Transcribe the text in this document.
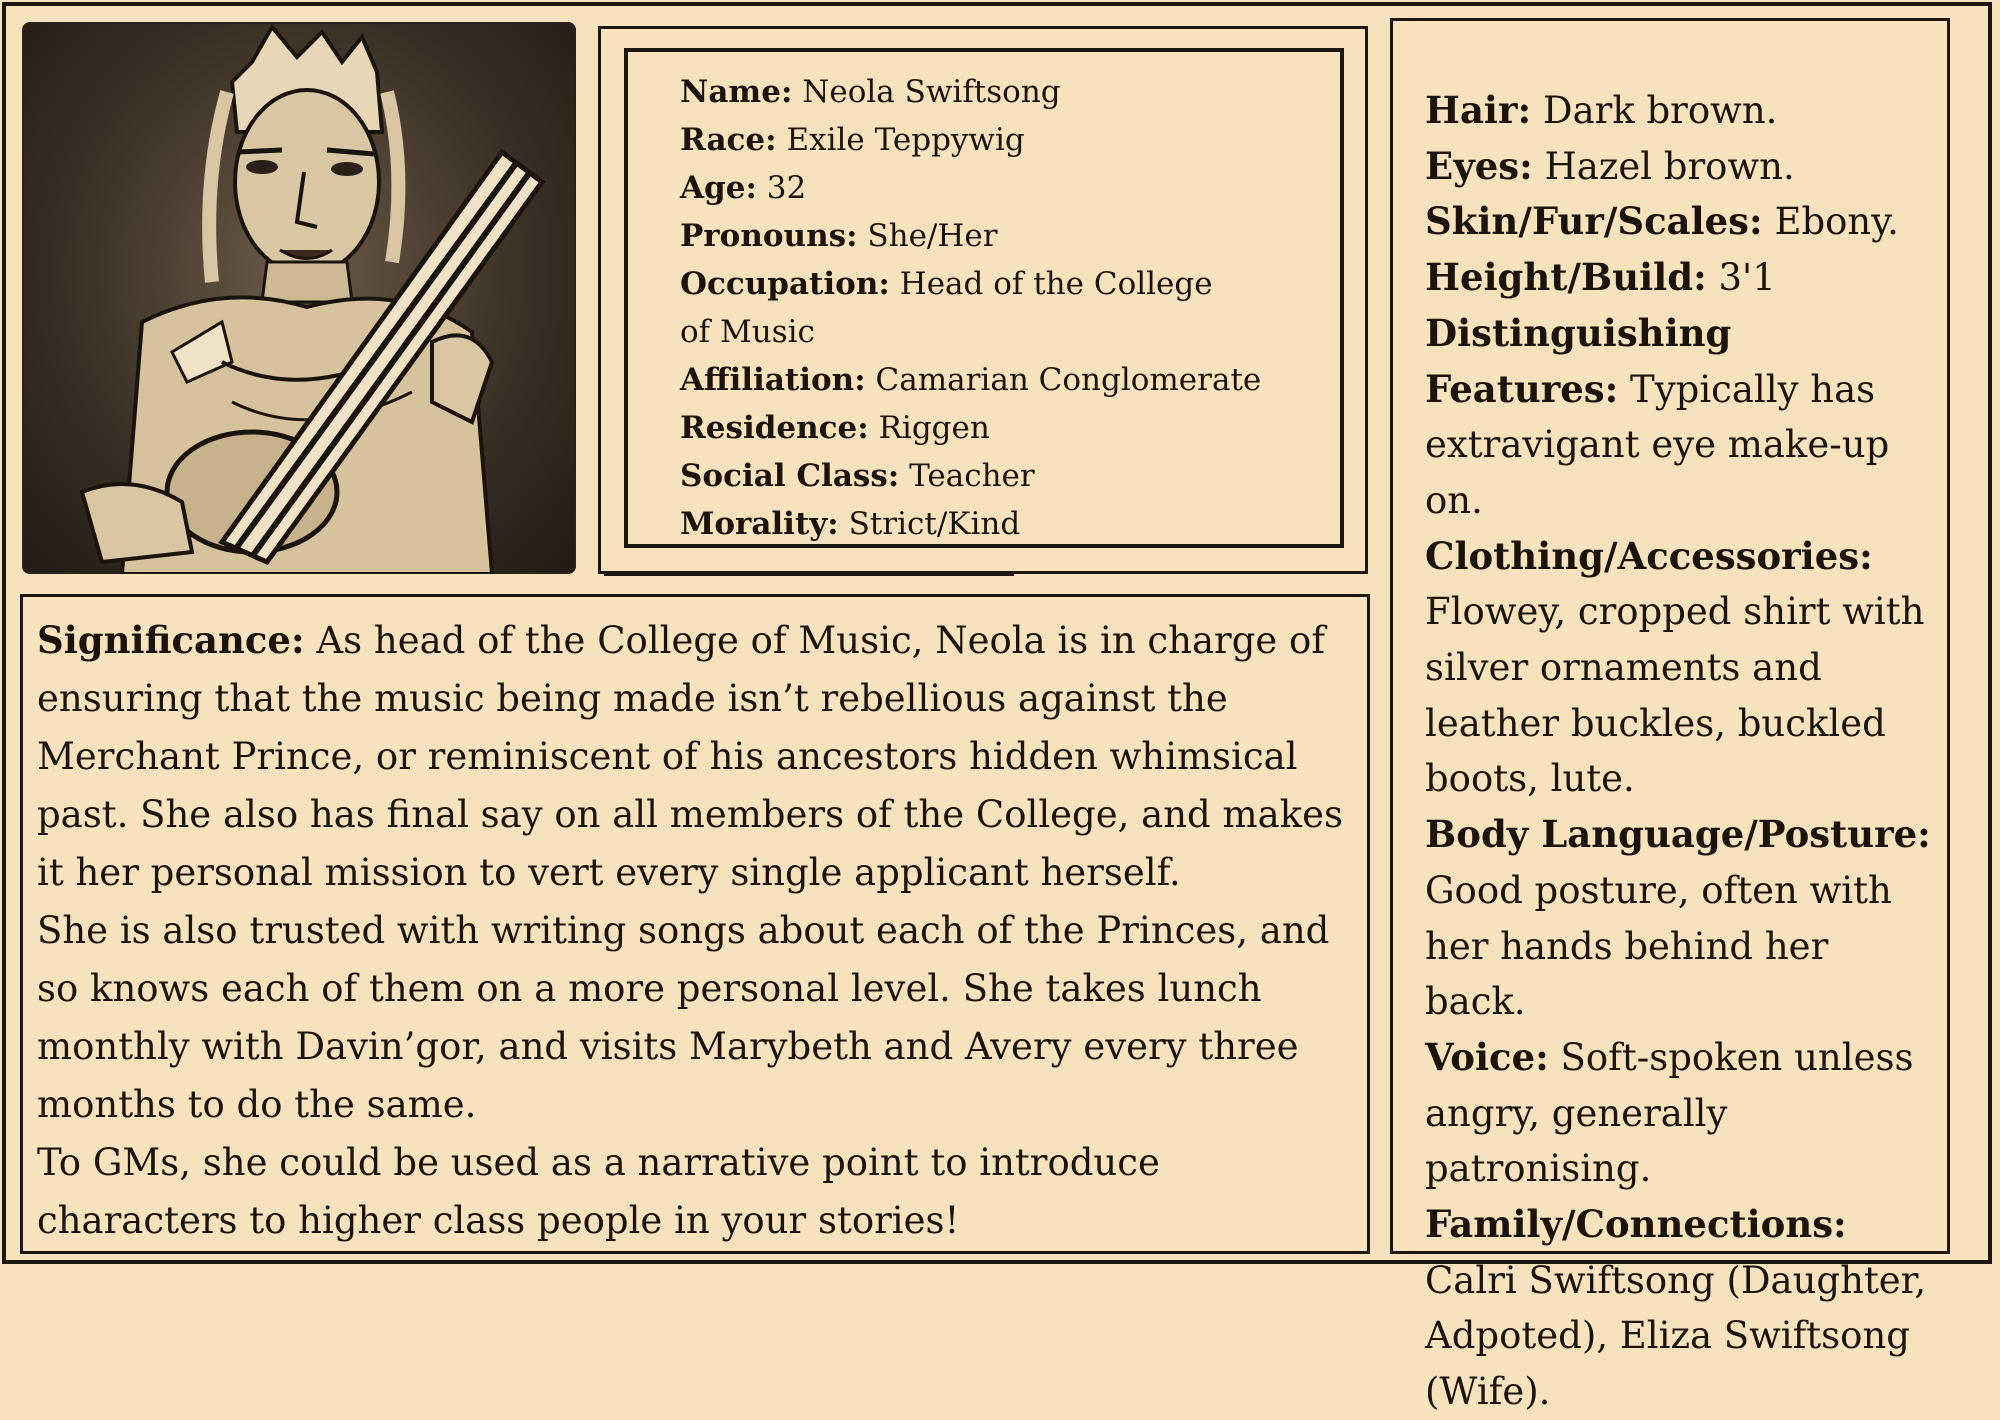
Name: Neola Swiftsong

Race: Exile Teppywig

Age: 32

Pronouns: She/Her

Occupation: Head of the College of Music

Affiliation: Camarian Conglomerate

Residence: Riggen

Social Class: Teacher

Morality: Strict/Kind

Significance: As head of the College of Music, Neola is in charge of ensuring that the music being made isn’t rebellious against the Merchant Prince, or reminiscent of his ancestors hidden whimsical past. She also has final say on all members of the College, and makes it her personal mission to vert every single applicant herself.

She is also trusted with writing songs about each of the Princes, and so knows each of them on a more personal level. She takes lunch monthly with Davin’gor, and visits Marybeth and Avery every three months to do the same.

To GMs, she could be used as a narrative point to introduce characters to higher class people in your stories!

Hair: Dark brown.

Eyes: Hazel brown.

Skin/Fur/Scales: Ebony.

Height/Build: 3'1

Distinguishing Features: Typically has extravigant eye make-up on.

Clothing/Accessories: Flowey, cropped shirt with silver ornaments and leather buckles, buckled boots, lute.

Body Language/Posture: Good posture, often with her hands behind her back.

Voice: Soft-spoken unless angry, generally patronising.

Family/Connections: Calri Swiftsong (Daughter, Adpoted), Eliza Swiftsong (Wife).
